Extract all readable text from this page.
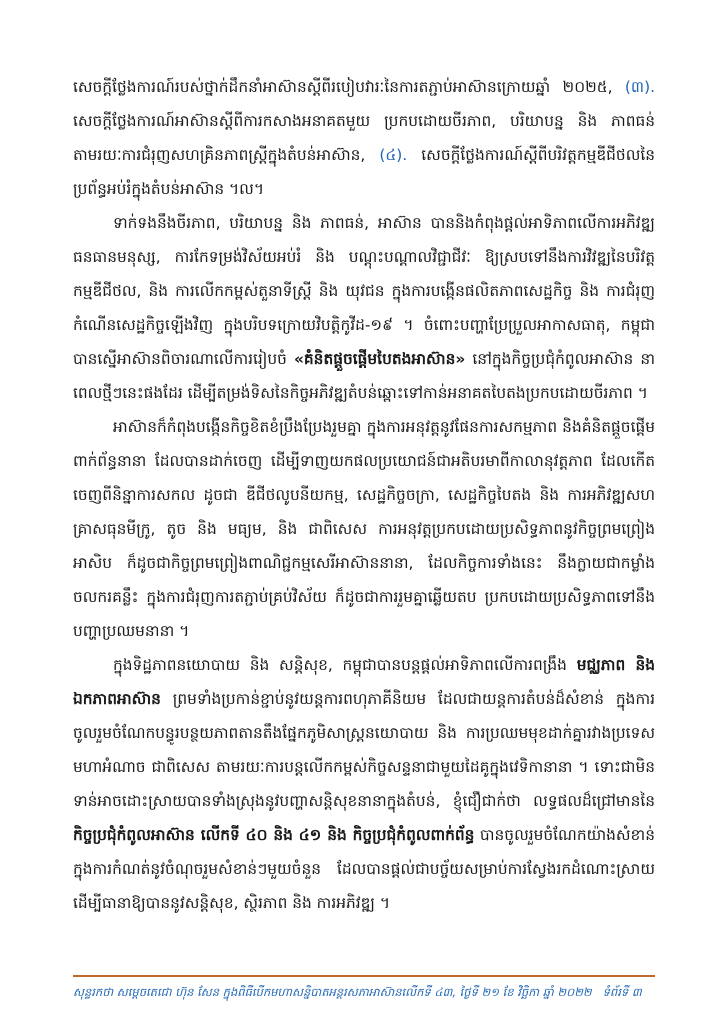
សេចក្តីថ្លែងការណ៍របស់ថ្នាក់ដឹកនាំអាស៊ានស្តីពីរបៀបវារៈនៃការតភ្ជាប់អាស៊ានក្រោយឆ្នាំ ២០២៥, (៣). សេចក្តីថ្លែងការណ៍អាស៊ានស្តីពីការកសាងអនាគតមួយ ប្រកបដោយចីរភាព, បរិយាបន្ន និង ភាពធន់ តាមរយៈការជំរុញសហគ្រិនភាពស្ត្រីក្នុងតំបន់អាស៊ាន, (៤). សេចក្តីថ្លែងការណ៍ស្តីពីបរិវត្តកម្មឌីជីថលនៃប្រព័ន្ធអប់រំក្នុងតំបន់អាស៊ាន ។ល។

ទាក់ទងនឹងចីរភាព, បរិយាបន្ន និង ភាពធន់, អាស៊ាន បាននិងកំពុងផ្តល់អាទិភាពលើការអភិវឌ្ឍធនធានមនុស្ស, ការកែទម្រង់វិស័យអប់រំ និង បណ្តុះបណ្តាលវិជ្ជាជីវៈ ឱ្យស្របទៅនឹងការវិវឌ្ឍនៃបរិវត្តកម្មឌីជីថល, និង ការលើកកម្ពស់តួនាទីស្ត្រី និង យុវជន ក្នុងការបង្កើនផលិតភាពសេដ្ឋកិច្ច និង ការជំរុញកំណើនសេដ្ឋកិច្ចឡើងវិញ ក្នុងបរិបទក្រោយវិបត្តិកូវីដ-១៩ ។ ចំពោះបញ្ហាប្រែប្រួលអាកាសធាតុ, កម្ពុជា បានស្នើអាស៊ានពិចារណាលើការរៀបចំ «គំនិតផ្តួចផ្តើមបៃតងអាស៊ាន» នៅក្នុងកិច្ចប្រជុំកំពូលអាស៊ាន នាពេលថ្មីៗនេះផងដែរ ដើម្បីតម្រង់ទិសនៃកិច្ចអភិវឌ្ឍតំបន់ឆ្ពោះទៅកាន់អនាគតបៃតងប្រកបដោយចីរភាព ។

អាស៊ានក៏កំពុងបង្កើនកិច្ចខិតខំប្រឹងប្រែងរួមគ្នា ក្នុងការអនុវត្តនូវផែនការសកម្មភាព និងគំនិតផ្តួចផ្តើមពាក់ព័ន្ធនានា ដែលបានដាក់ចេញ ដើម្បីទាញយកផលប្រយោជន៍ជាអតិបរមាពីកាលានុវត្តភាព ដែលកើតចេញពីនិន្នាការសកល ដូចជា ឌីជីថលូបនីយកម្ម, សេដ្ឋកិច្ចចក្រា, សេដ្ឋកិច្ចបៃតង និង ការអភិវឌ្ឍសហគ្រាសធុនមីក្រូ, តូច និង មធ្យម, និង ជាពិសេស ការអនុវត្តប្រកបដោយប្រសិទ្ធភាពនូវកិច្ចព្រមព្រៀងអាសិប ក៏ដូចជាកិច្ចព្រមព្រៀងពាណិជ្ជកម្មសេរីអាស៊ាននានា, ដែលកិច្ចការទាំងនេះ នឹងក្លាយជាកម្លាំងចលករគន្លឹះ ក្នុងការជំរុញការតភ្ជាប់គ្រប់វិស័យ ក៏ដូចជាការរួមគ្នាឆ្លើយតប ប្រកបដោយប្រសិទ្ធភាពទៅនឹងបញ្ហាប្រឈមនានា ។

ក្នុងទិដ្ឋភាពនយោបាយ និង សន្តិសុខ, កម្ពុជាបានបន្តផ្តល់អាទិភាពលើការពង្រឹង មជ្ឈភាព និង ឯកភាពអាស៊ាន ព្រមទាំងប្រកាន់ខ្ជាប់នូវយន្តការពហុភាគីនិយម ដែលជាយន្តការតំបន់ដ៏សំខាន់ ក្នុងការចូលរួមចំណែកបន្ធូរបន្ថយភាពតានតឹងផ្នែកភូមិសាស្ត្រនយោបាយ និង ការប្រឈមមុខដាក់គ្នារវាងប្រទេសមហាអំណាច ជាពិសេស តាមរយៈការបន្តលើកកម្ពស់កិច្ចសន្ទនាជាមួយដៃគូក្នុងវេទិកានានា ។ ទោះជាមិនទាន់អាចដោះស្រាយបានទាំងស្រុងនូវបញ្ហាសន្តិសុខនានាក្នុងតំបន់, ខ្ញុំជឿជាក់ថា លទ្ធផលដ៏ជ្រៅមាននៃ កិច្ចប្រជុំកំពូលអាស៊ាន លើកទី ៤០ និង ៤១ និង កិច្ចប្រជុំកំពូលពាក់ព័ន្ធ បានចូលរួមចំណែកយ៉ាងសំខាន់ ក្នុងការកំណត់នូវចំណុចរួមសំខាន់ៗមួយចំនួន ដែលបានផ្តល់ជាបច្ច័យសម្រាប់ការស្វែងរកដំណោះស្រាយ ដើម្បីធានាឱ្យបាននូវសន្តិសុខ, ស្ថិរភាព និង ការអភិវឌ្ឍ ។

សុន្ទរកថា សម្តេចតេជោ ហ៊ុន សែន ក្នុងពិធីបើកមហាសន្និបាតអន្តរសភាអាស៊ានលើកទី ៤៣, ថ្ងៃទី ២១ ខែ វិច្ឆិកា ឆ្នាំ ២០២២ ទំព័រទី ៣
